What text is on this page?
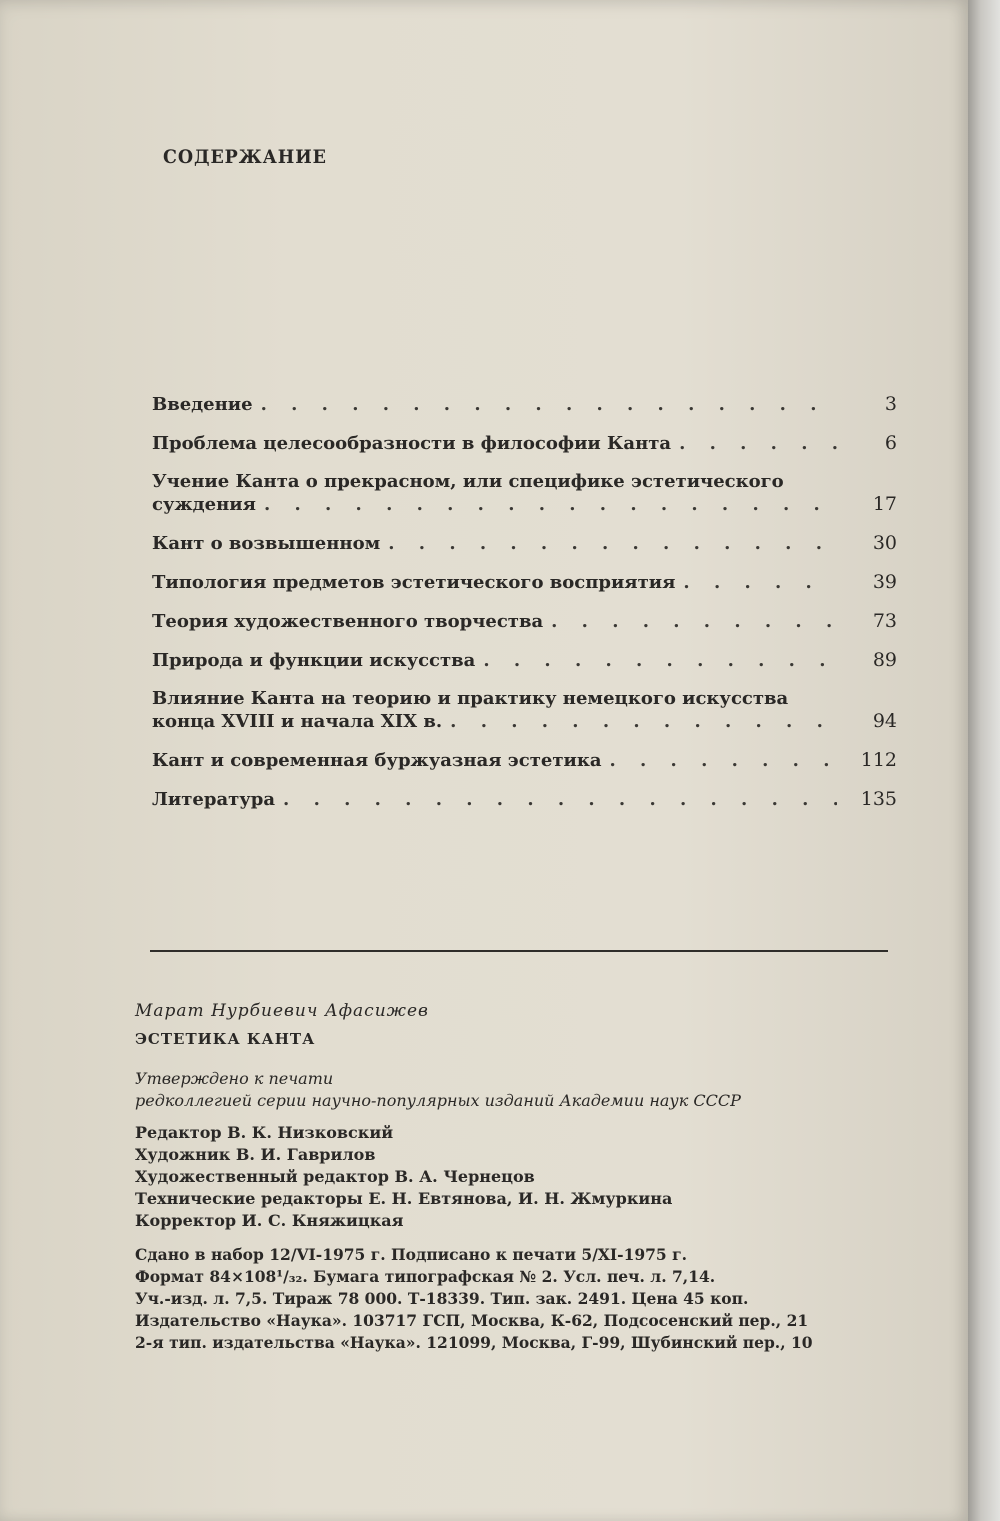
СОДЕРЖАНИЕ
Введение . . .	3
Проблема целесообразности в философии Канта . . .	6
Учение Канта о прекрасном, или специфике эстетического
суждения . . .	17
Кант о возвышенном . . .	30
Типология предметов эстетического восприятия . . .	39
Теория художественного творчества . . .	73
Природа и функции искусства . . .	89
Влияние Канта на теорию и практику немецкого искусства
конца XVIII и начала XIX в. . . .	94
Кант и современная буржуазная эстетика . . .	112
Литература . . .	135
Марат Нурбиевич Афасижев
ЭСТЕТИКА КАНТА
Утверждено к печати
редколлегией серии научно-популярных изданий Академии наук СССР
Редактор В. К. Низковский
Художник В. И. Гаврилов
Художественный редактор В. А. Чернецов
Технические редакторы Е. Н. Евтянова, И. Н. Жмуркина
Корректор И. С. Княжицкая
Сдано в набор 12/VI-1975 г. Подписано к печати 5/XI-1975 г.
Формат 84×108¹/₃₂. Бумага типографская № 2. Усл. печ. л. 7,14.
Уч.-изд. л. 7,5. Тираж 78 000. Т-18339. Тип. зак. 2491. Цена 45 коп.
Издательство «Наука». 103717 ГСП, Москва, К-62, Подсосенский пер., 21
2-я тип. издательства «Наука». 121099, Москва, Г-99, Шубинский пер., 10
